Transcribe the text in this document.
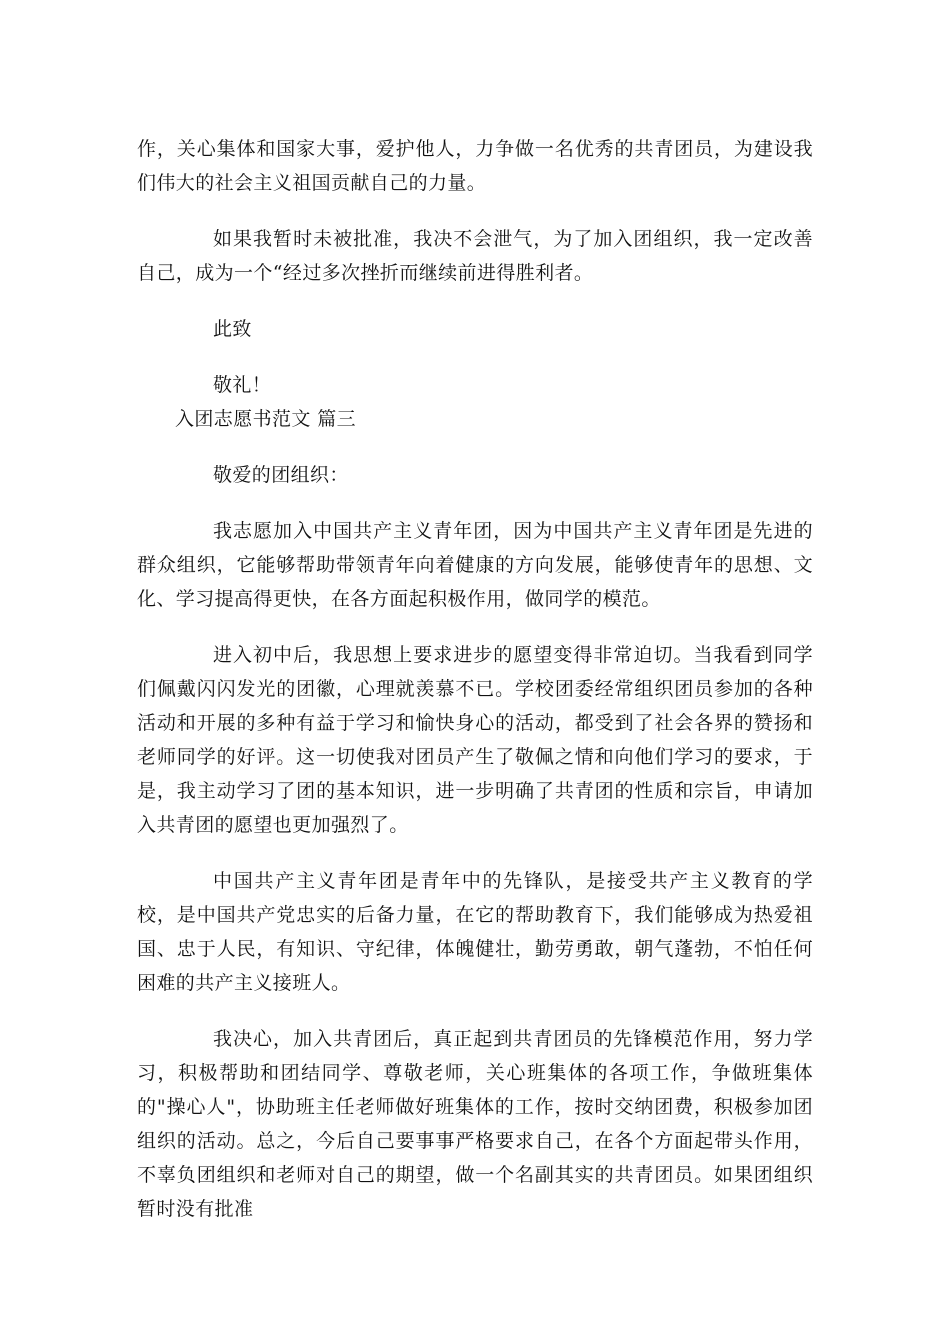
作，关心集体和国家大事，爱护他人，力争做一名优秀的共青团员，为建设我们伟大的社会主义祖国贡献自己的力量。

如果我暂时未被批准，我决不会泄气，为了加入团组织，我一定改善自己，成为一个“经过多次挫折而继续前进得胜利者。

此致

敬礼！

入团志愿书范文 篇三

敬爱的团组织：

我志愿加入中国共产主义青年团，因为中国共产主义青年团是先进的群众组织，它能够帮助带领青年向着健康的方向发展，能够使青年的思想、文化、学习提高得更快，在各方面起积极作用，做同学的模范。

进入初中后，我思想上要求进步的愿望变得非常迫切。当我看到同学们佩戴闪闪发光的团徽，心理就羡慕不已。学校团委经常组织团员参加的各种活动和开展的多种有益于学习和愉快身心的活动，都受到了社会各界的赞扬和老师同学的好评。这一切使我对团员产生了敬佩之情和向他们学习的要求，于是，我主动学习了团的基本知识，进一步明确了共青团的性质和宗旨，申请加入共青团的愿望也更加强烈了。

中国共产主义青年团是青年中的先锋队，是接受共产主义教育的学校，是中国共产党忠实的后备力量，在它的帮助教育下，我们能够成为热爱祖国、忠于人民，有知识、守纪律，体魄健壮，勤劳勇敢，朝气蓬勃，不怕任何困难的共产主义接班人。

我决心，加入共青团后，真正起到共青团员的先锋模范作用，努力学习，积极帮助和团结同学、尊敬老师，关心班集体的各项工作，争做班集体的"操心人"，协助班主任老师做好班集体的工作，按时交纳团费，积极参加团组织的活动。总之，今后自己要事事严格要求自己，在各个方面起带头作用，不辜负团组织和老师对自己的期望，做一个名副其实的共青团员。如果团组织暂时没有批准
